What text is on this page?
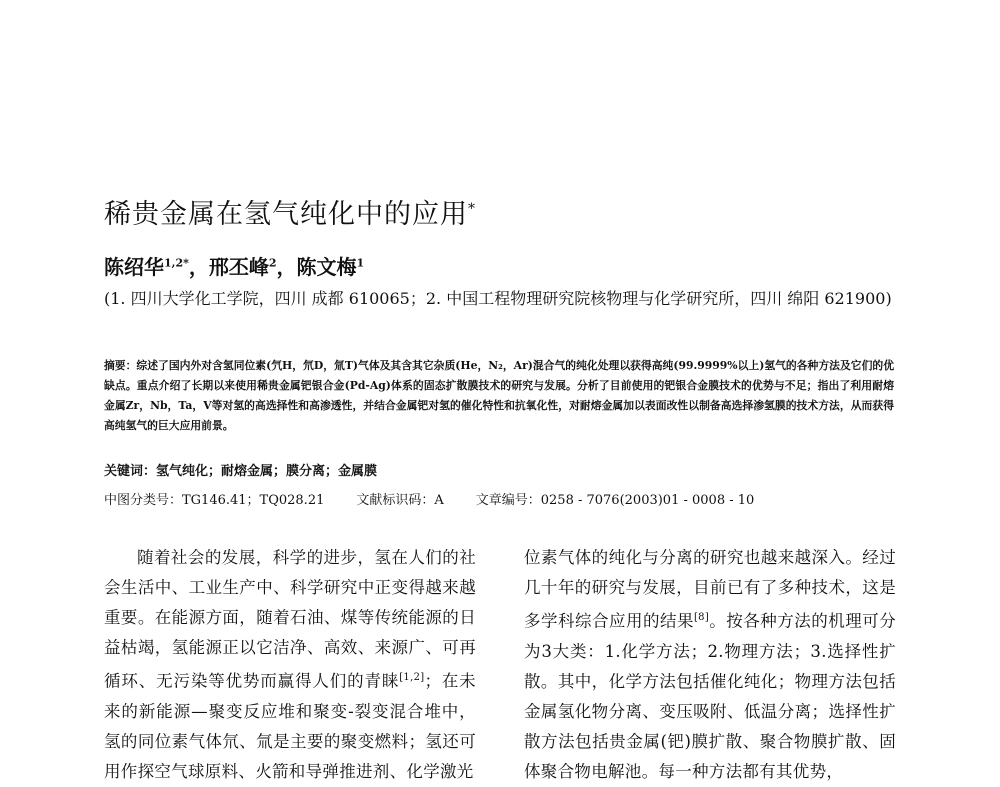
稀贵金属在氢气纯化中的应用*
陈绍华$^{1,2*}$，邢丕峰$^2$，陈文梅$^1$
(1. 四川大学化工学院，四川 成都 610065；2. 中国工程物理研究院核物理与化学研究所，四川 绵阳 621900)
摘要：综述了国内外对含氢同位素(氕H，氘D，氚T)气体及其含其它杂质(He，N₂，Ar)混合气的纯化处理以获得高纯(99.9999%以上)氢气的各种方法及它们的优缺点。重点介绍了长期以来使用稀贵金属钯银合金(Pd-Ag)体系的固态扩散膜技术的研究与发展。分析了目前使用的钯银合金膜技术的优势与不足；指出了利用耐熔金属Zr，Nb，Ta，V等对氢的高选择性和高渗透性，并结合金属钯对氢的催化特性和抗氧化性，对耐熔金属加以表面改性以制备高选择渗氢膜的技术方法，从而获得高纯氢气的巨大应用前景。
关键词：氢气纯化；耐熔金属；膜分离；金属膜
中图分类号：TG146.41；TQ028.21 文献标识码：A 文章编号：0258 - 7076(2003)01 - 0008 - 10
随着社会的发展，科学的进步，氢在人们的社会生活中、工业生产中、科学研究中正变得越来越重要。在能源方面，随着石油、煤等传统能源的日益枯竭，氢能源正以它洁净、高效、来源广、可再循环、无污染等优势而赢得人们的青睐[1,2]；在未来的新能源—聚变反应堆和聚变-裂变混合堆中，氢的同位素气体氘、氚是主要的聚变燃料；氢还可用作探空气球原料、火箭和导弹推进剂、化学激光
位素气体的纯化与分离的研究也越来越深入。经过几十年的研究与发展，目前已有了多种技术，这是多学科综合应用的结果[8]。按各种方法的机理可分为3大类：1.化学方法；2.物理方法；3.选择性扩散。其中，化学方法包括催化纯化；物理方法包括金属氢化物分离、变压吸附、低温分离；选择性扩散方法包括贵金属(钯)膜扩散、聚合物膜扩散、固体聚合物电解池。每一种方法都有其优势，
